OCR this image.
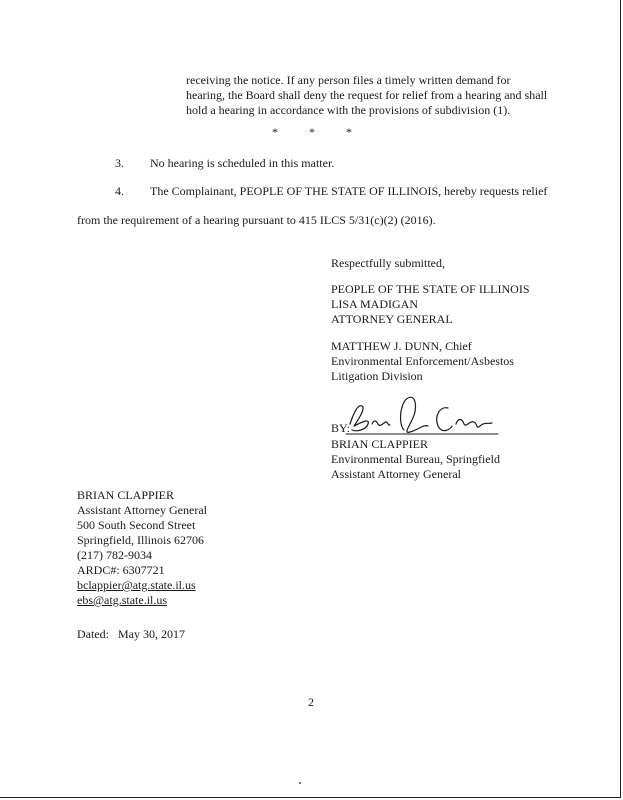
receiving the notice. If any person files a timely written demand for
hearing, the Board shall deny the request for relief from a hearing and shall
hold a hearing in accordance with the provisions of subdivision (1).
*	*	*
3. No hearing is scheduled in this matter.
4. The Complainant, PEOPLE OF THE STATE OF ILLINOIS, hereby requests relief
from the requirement of a hearing pursuant to 415 ILCS 5/31(c)(2) (2016).
Respectfully submitted,
PEOPLE OF THE STATE OF ILLINOIS
LISA MADIGAN
ATTORNEY GENERAL
MATTHEW J. DUNN, Chief
Environmental Enforcement/Asbestos
Litigation Division
BY:
BRIAN CLAPPIER
Environmental Bureau, Springfield
Assistant Attorney General
BRIAN CLAPPIER
Assistant Attorney General
500 South Second Street
Springfield, Illinois 62706
(217) 782-9034
ARDC#: 6307721
bclappier@atg.state.il.us
ebs@atg.state.il.us
Dated: May 30, 2017
2
